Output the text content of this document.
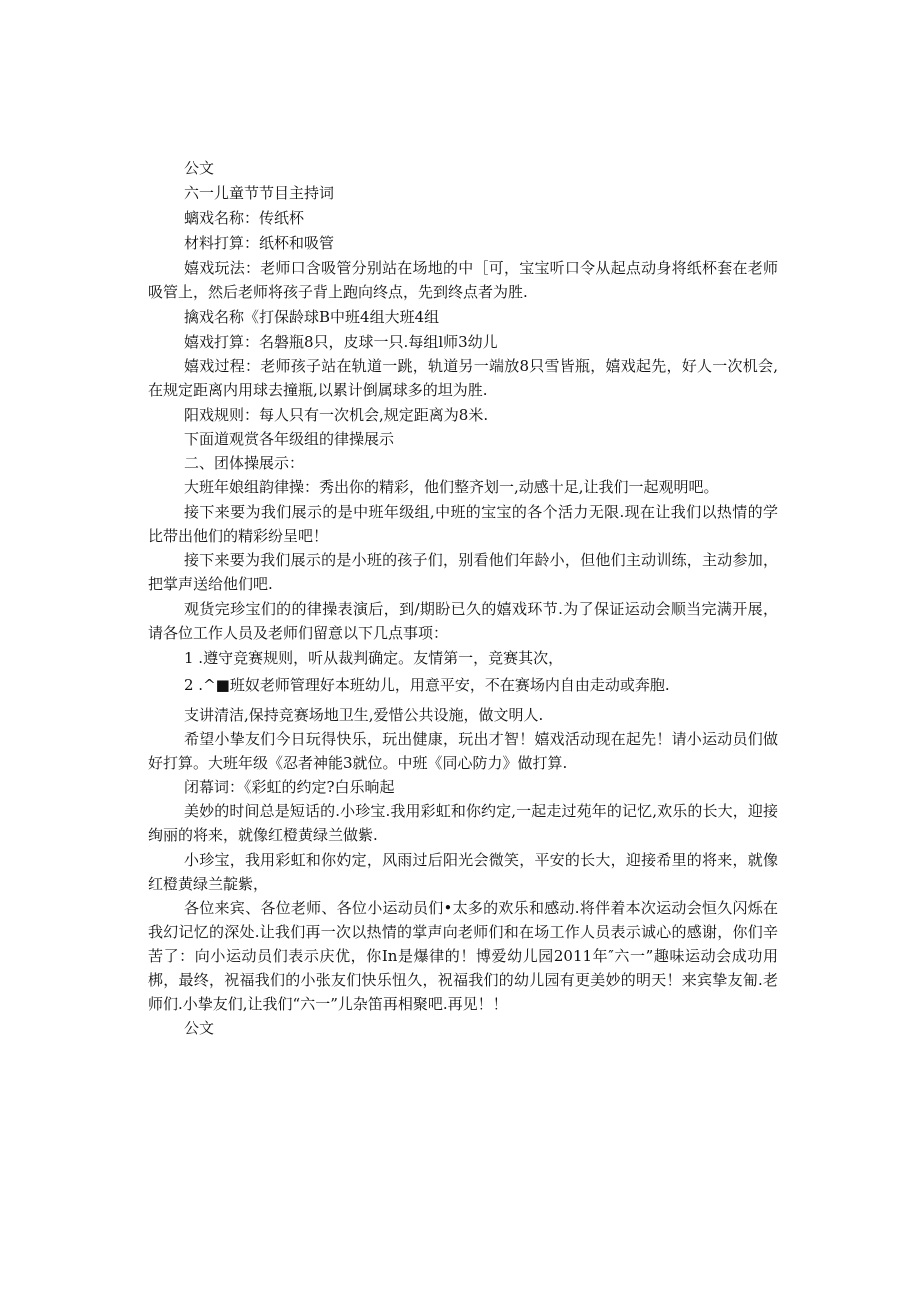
公文

六一儿童节节目主持词

螭戏名称：传纸杯

材料打算：纸杯和吸管

嬉戏玩法：老师口含吸管分别站在场地的中［可，宝宝听口令从起点动身将纸杯套在老师吸管上，然后老师将孩子背上跑向终点，先到终点者为胜.

擒戏名称《打保龄球B中班4组大班4组

嬉戏打算：名磐瓶8只，皮球一只.每组l师3幼儿

嬉戏过程：老师孩子站在轨道一跳，轨道另一端放8只雪皆瓶，嬉戏起先，好人一次机会,在规定距离内用球去撞瓶,以累计倒属球多的坦为胜.

阳戏规则：每人只有一次机会,规定距离为8米.

下面道观赏各年级组的律操展示

二、团体操展示：

大班年娘组韵律操：秀出你的精彩，他们整齐划一,动感十足,让我们一起观明吧。

接下来要为我们展示的是中班年级组,中班的宝宝的各个活力无限.现在让我们以热情的学比带出他们的精彩纷呈吧！

接下来要为我们展示的是小班的孩子们，别看他们年龄小，但他们主动训练，主动参加，把掌声送给他们吧.

观货完珍宝们的的律操表演后，到/期盼已久的嬉戏环节.为了保证运动会顺当完满开展，请各位工作人员及老师们留意以下几点事项：

1 .遵守竞赛规则，听从裁判确定。友情第一，竞赛其次，

2 .^■班奴老师管理好本班幼儿，用意平安，不在赛场内自由走动或奔胞.

支讲清洁,保持竞赛场地卫生,爱惜公共设施，做文明人.

希望小挚友们今日玩得快乐，玩出健康，玩出才智！嬉戏活动现在起先！请小运动员们做好打算。大班年级《忍者神能3就位。中班《同心防力》做打算.

闭幕词：《彩虹的约定?白乐晌起

美妙的时间总是短话的.小珍宝.我用彩虹和你约定,一起走过苑年的记忆,欢乐的长大，迎接绚丽的将来，就像红橙黄绿兰做紫.

小珍宝，我用彩虹和你妁定，风雨过后阳光会微笑，平安的长大，迎接希里的将来，就像红橙黄绿兰靛紫，

各位来宾、各位老师、各位小运动员们•太多的欢乐和感动.将伴着本次运动会恒久闪烁在我幻记忆的深处.让我们再一次以热情的掌声向老师们和在场工作人员表示诚心的感谢，你们辛苦了：向小运动员们表示庆优，你In是爆律的！博爱幼儿园2011年″六一”趣味运动会成功用梆，最终，祝福我们的小张友们快乐忸久，祝福我们的幼儿园有更美妙的明天！来宾挚友匍.老师们.小挚友们,让我们“六一”儿杂笛再相聚吧.再见！！

公文
